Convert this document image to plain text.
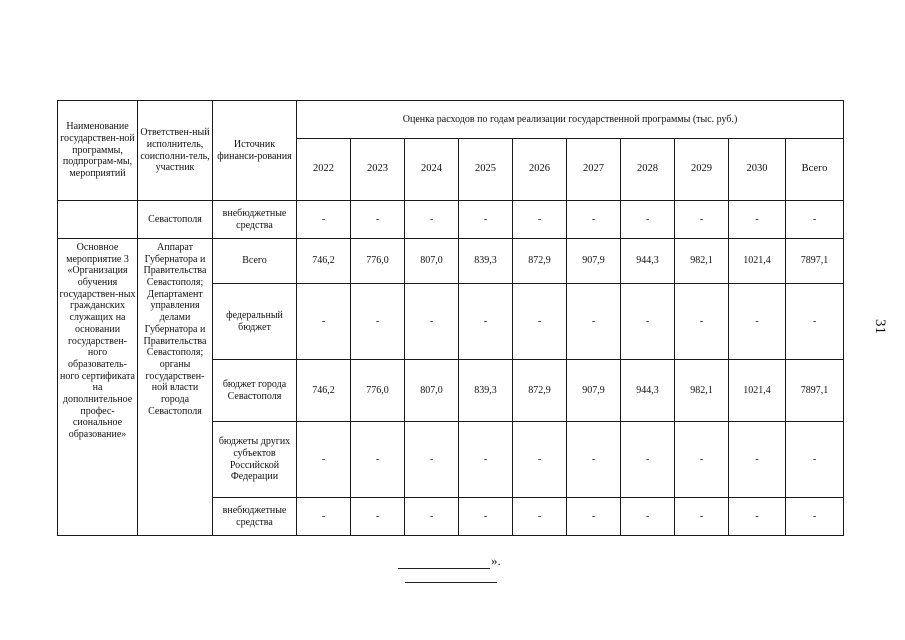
Наименование государствен-ной программы, подпрограм-мы, мероприятий	Ответствен-ный исполнитель, соисполни-тель, участник	Источник финанси-рования	Оценка расходов по годам реализации государственной программы (тыс. руб.)									
			2022	2023	2024	2025	2026	2027	2028	2029	2030	Всего
	Севастополя	внебюджетные средства	-	-	-	-	-	-	-	-	-	-
Основное мероприятие 3 «Организация обучения государствен-ных гражданских служащих на основании государствен-ного образователь-ного сертификата на дополнительное профес-сиональное образование»	Аппарат Губернатора и Правительства Севастополя; Департамент управления делами Губернатора и Правительства Севастополя; органы государствен-ной власти города Севастополя	Всего	746,2	776,0	807,0	839,3	872,9	907,9	944,3	982,1	1021,4	7897,1
		федеральный бюджет	-	-	-	-	-	-	-	-	-	-
		бюджет города Севастополя	746,2	776,0	807,0	839,3	872,9	907,9	944,3	982,1	1021,4	7897,1
		бюджеты других субъектов Российской Федерации	-	-	-	-	-	-	-	-	-	-
		внебюджетные средства	-	-	-	-	-	-	-	-	-	-
31
».
